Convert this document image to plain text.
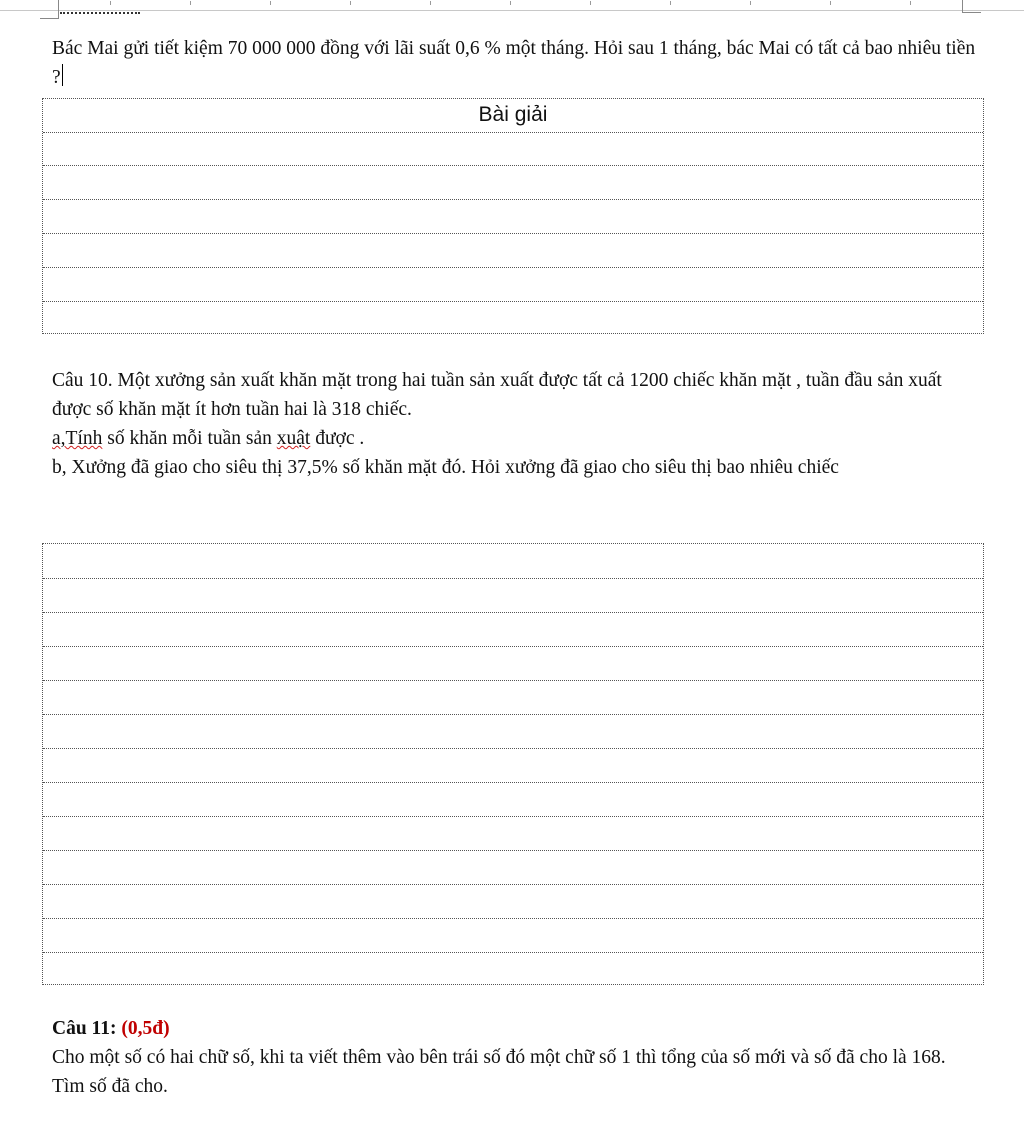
Bác Mai gửi tiết kiệm 70 000 000 đồng với lãi suất 0,6 % một tháng. Hỏi sau 1 tháng, bác Mai có tất cả bao nhiêu tiền ?

Bài giải

Câu 10. Một xưởng sản xuất khăn mặt trong hai tuần sản xuất được tất cả 1200 chiếc khăn mặt , tuần đầu sản xuất được số khăn mặt ít hơn tuần hai là 318 chiếc.

a,Tính số khăn mỗi tuần sản xuật được .

b, Xưởng đã giao cho siêu thị 37,5% số khăn mặt đó. Hỏi xưởng đã giao cho siêu thị bao nhiêu chiếc

Câu 11: (0,5đ)

Cho một số có hai chữ số, khi ta viết thêm vào bên trái số đó một chữ số 1 thì tổng của số mới và số đã cho là 168. Tìm số đã cho.
